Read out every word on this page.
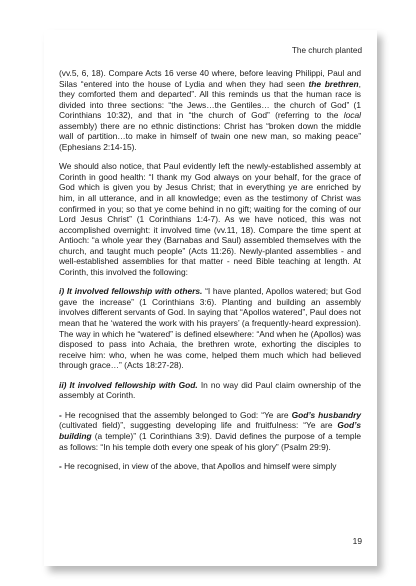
The church planted

(vv.5, 6, 18). Compare Acts 16 verse 40 where, before leaving Philippi, Paul and Silas “entered into the house of Lydia and when they had seen the brethren, they comforted them and departed”. All this reminds us that the human race is divided into three sections: “the Jews…the Gentiles… the church of God” (1 Corinthians 10:32), and that in “the church of God” (referring to the local assembly) there are no ethnic distinctions: Christ has “broken down the middle wall of partition…to make in himself of twain one new man, so making peace” (Ephesians 2:14-15).

We should also notice, that Paul evidently left the newly-established assembly at Corinth in good health: “I thank my God always on your behalf, for the grace of God which is given you by Jesus Christ; that in everything ye are enriched by him, in all utterance, and in all knowledge; even as the testimony of Christ was confirmed in you; so that ye come behind in no gift; waiting for the coming of our Lord Jesus Christ” (1 Corinthians 1:4-7). As we have noticed, this was not accomplished overnight: it involved time (vv.11, 18). Compare the time spent at Antioch: “a whole year they (Barnabas and Saul) assembled themselves with the church, and taught much people” (Acts 11:26). Newly-planted assemblies - and well-established assemblies for that matter - need Bible teaching at length. At Corinth, this involved the following:

i) It involved fellowship with others. “I have planted, Apollos watered; but God gave the increase” (1 Corinthians 3:6). Planting and building an assembly involves different servants of God. In saying that “Apollos watered”, Paul does not mean that he ‘watered the work with his prayers’ (a frequently-heard expression). The way in which he “watered” is defined elsewhere: “And when he (Apollos) was disposed to pass into Achaia, the brethren wrote, exhorting the disciples to receive him: who, when he was come, helped them much which had believed through grace…” (Acts 18:27-28).

ii) It involved fellowship with God. In no way did Paul claim ownership of the assembly at Corinth.

- He recognised that the assembly belonged to God: “Ye are God’s husbandry (cultivated field)”, suggesting developing life and fruitfulness: “Ye are God’s building (a temple)” (1 Corinthians 3:9). David defines the purpose of a temple as follows: “In his temple doth every one speak of his glory” (Psalm 29:9).

- He recognised, in view of the above, that Apollos and himself were simply

19
